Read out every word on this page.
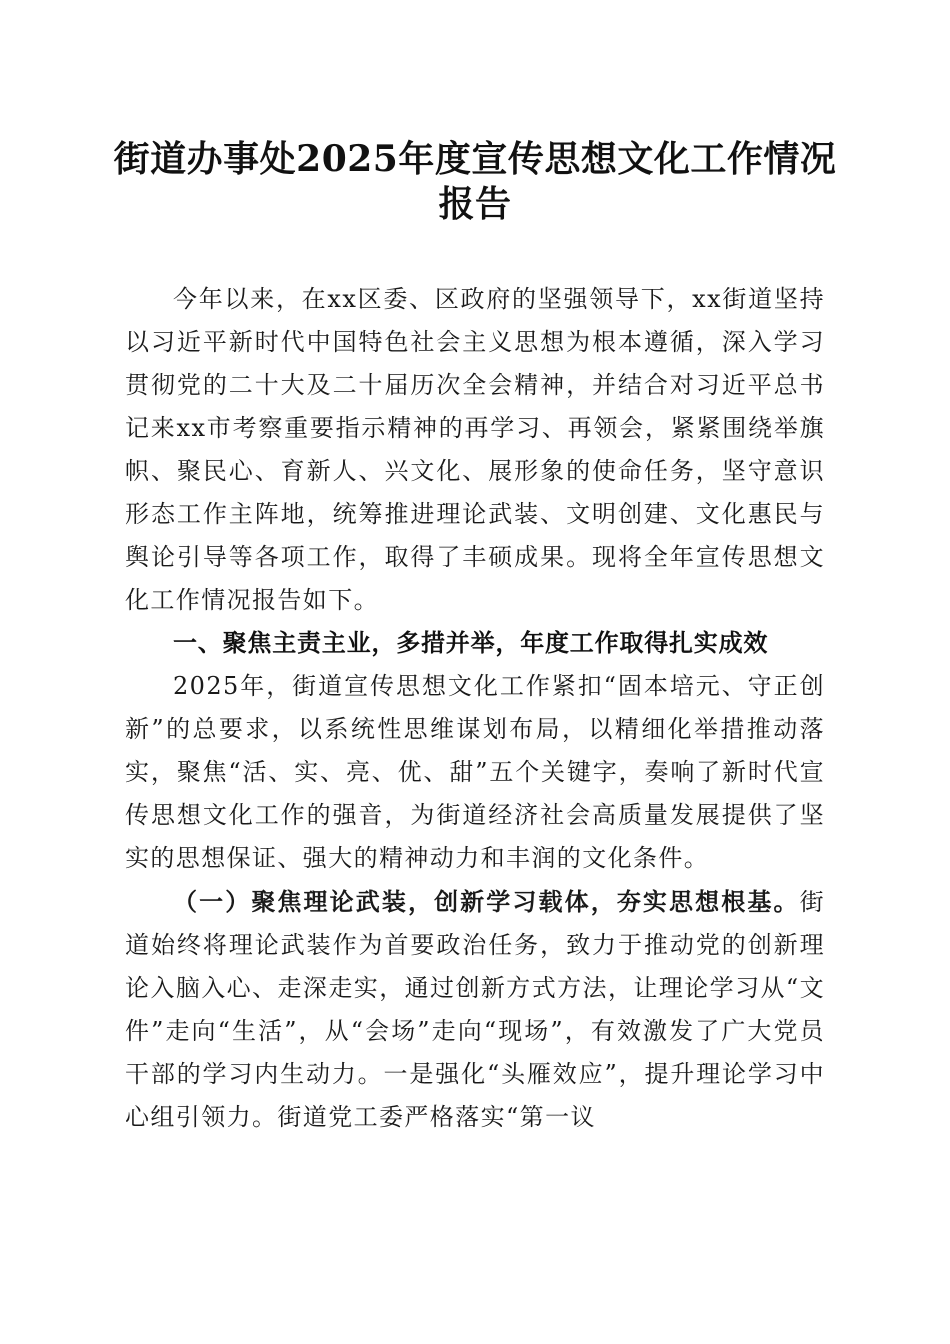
街道办事处2025年度宣传思想文化工作情况
报告

今年以来，在xx区委、区政府的坚强领导下，xx街道坚持以习近平新时代中国特色社会主义思想为根本遵循，深入学习贯彻党的二十大及二十届历次全会精神，并结合对习近平总书记来xx市考察重要指示精神的再学习、再领会，紧紧围绕举旗帜、聚民心、育新人、兴文化、展形象的使命任务，坚守意识形态工作主阵地，统筹推进理论武装、文明创建、文化惠民与舆论引导等各项工作，取得了丰硕成果。现将全年宣传思想文化工作情况报告如下。

一、聚焦主责主业，多措并举，年度工作取得扎实成效

2025年，街道宣传思想文化工作紧扣“固本培元、守正创新”的总要求，以系统性思维谋划布局，以精细化举措推动落实，聚焦“活、实、亮、优、甜”五个关键字，奏响了新时代宣传思想文化工作的强音，为街道经济社会高质量发展提供了坚实的思想保证、强大的精神动力和丰润的文化条件。

（一）聚焦理论武装，创新学习载体，夯实思想根基。街道始终将理论武装作为首要政治任务，致力于推动党的创新理论入脑入心、走深走实，通过创新方式方法，让理论学习从“文件”走向“生活”，从“会场”走向“现场”，有效激发了广大党员干部的学习内生动力。一是强化“头雁效应”，提升理论学习中心组引领力。街道党工委严格落实“第一议
